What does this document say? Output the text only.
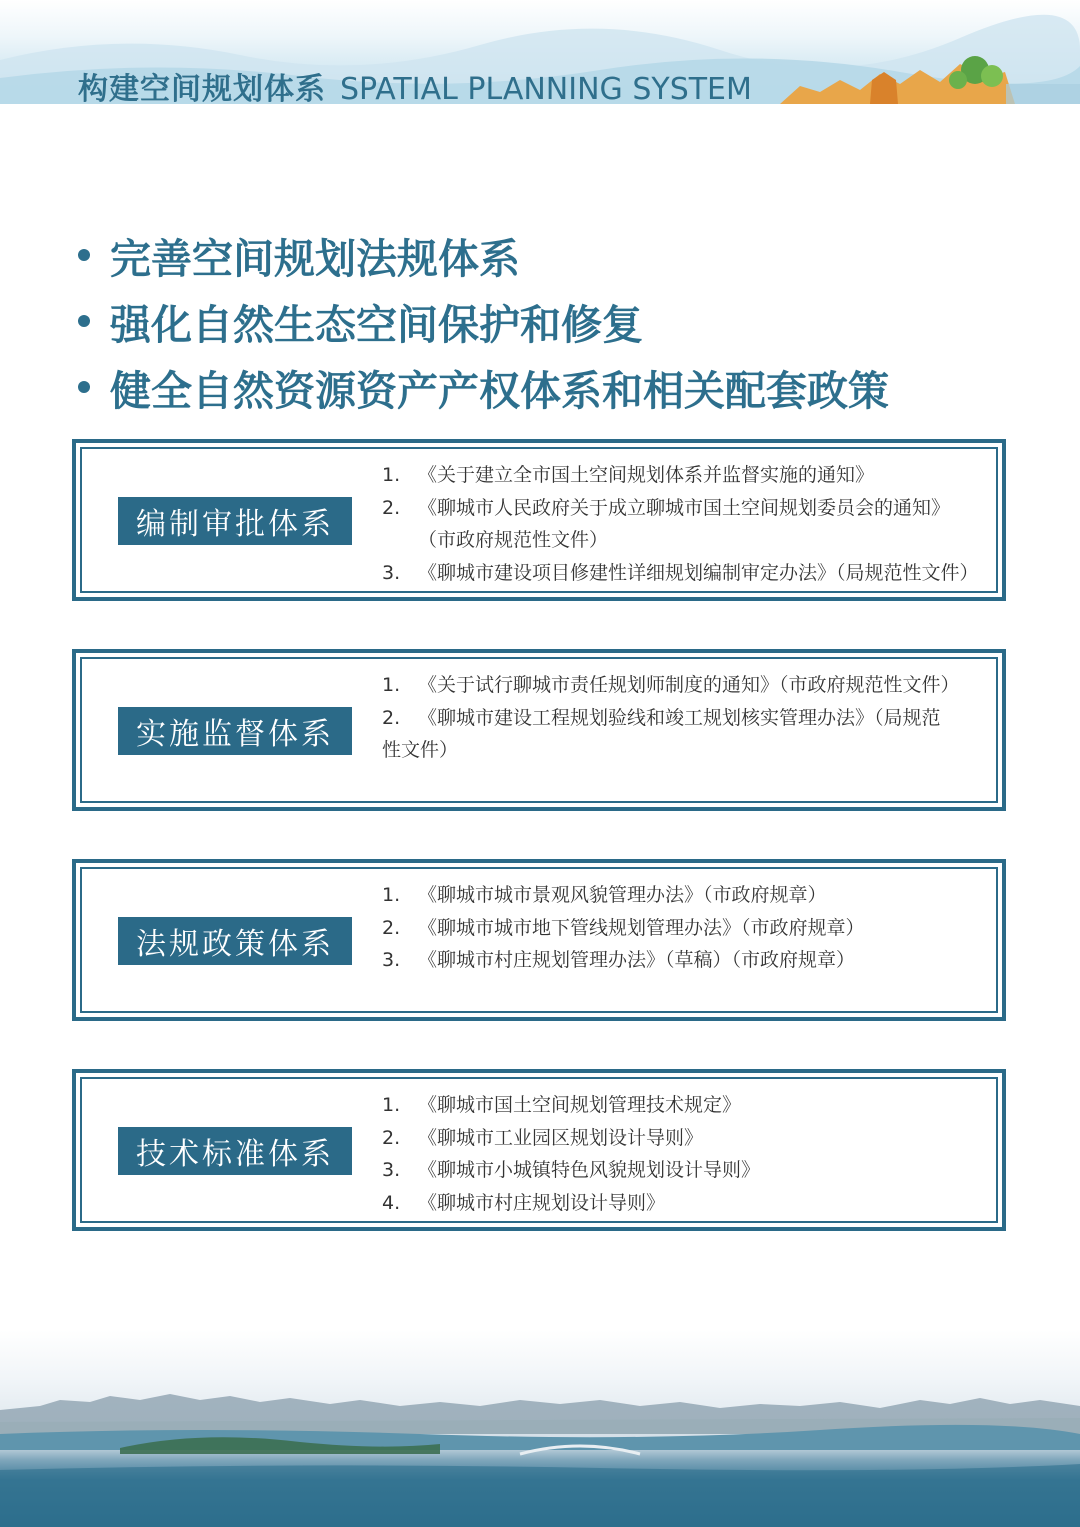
构建空间规划体系 SPATIAL PLANNING SYSTEM
完善空间规划法规体系
强化自然生态空间保护和修复
健全自然资源资产产权体系和相关配套政策
编制审批体系
1. 《关于建立全市国土空间规划体系并监督实施的通知》
2. 《聊城市人民政府关于成立聊城市国土空间规划委员会的通知》
（市政府规范性文件）
3. 《聊城市建设项目修建性详细规划编制审定办法》（局规范性文件）
实施监督体系
1. 《关于试行聊城市责任规划师制度的通知》（市政府规范性文件）
2. 《聊城市建设工程规划验线和竣工规划核实管理办法》（局规范
性文件）
法规政策体系
1. 《聊城市城市景观风貌管理办法》（市政府规章）
2. 《聊城市城市地下管线规划管理办法》（市政府规章）
3. 《聊城市村庄规划管理办法》（草稿）（市政府规章）
技术标准体系
1. 《聊城市国土空间规划管理技术规定》
2. 《聊城市工业园区规划设计导则》
3. 《聊城市小城镇特色风貌规划设计导则》
4. 《聊城市村庄规划设计导则》
